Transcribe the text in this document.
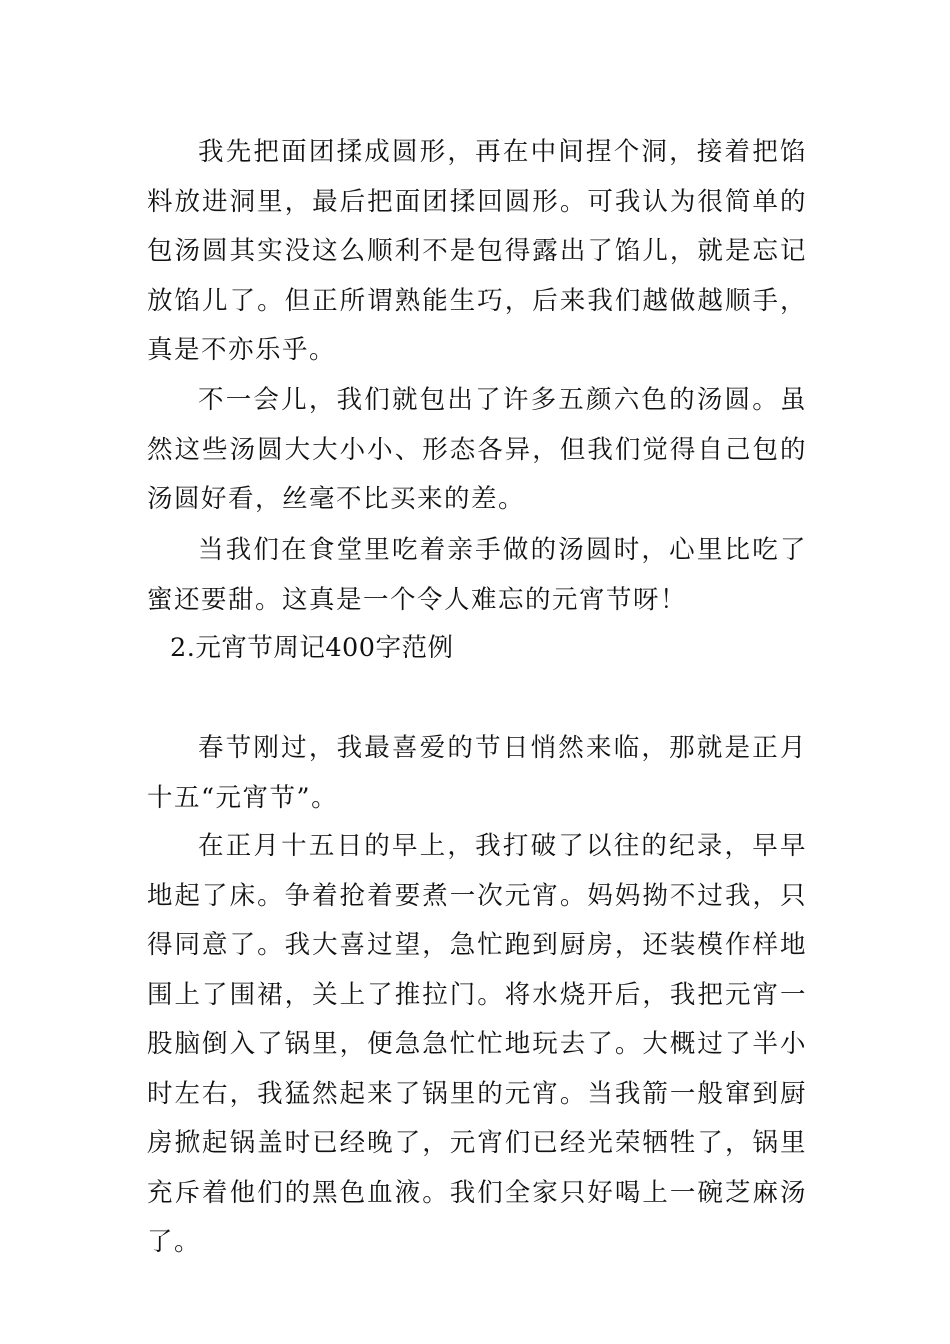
我先把面团揉成圆形，再在中间捏个洞，接着把馅料放进洞里，最后把面团揉回圆形。可我认为很简单的包汤圆其实没这么顺利不是包得露出了馅儿，就是忘记放馅儿了。但正所谓熟能生巧，后来我们越做越顺手，真是不亦乐乎。

不一会儿，我们就包出了许多五颜六色的汤圆。虽然这些汤圆大大小小、形态各异，但我们觉得自己包的汤圆好看，丝毫不比买来的差。

当我们在食堂里吃着亲手做的汤圆时，心里比吃了蜜还要甜。这真是一个令人难忘的元宵节呀！

2.元宵节周记400字范例

春节刚过，我最喜爱的节日悄然来临，那就是正月十五“元宵节”。

在正月十五日的早上，我打破了以往的纪录，早早地起了床。争着抢着要煮一次元宵。妈妈拗不过我，只得同意了。我大喜过望，急忙跑到厨房，还装模作样地围上了围裙，关上了推拉门。将水烧开后，我把元宵一股脑倒入了锅里，便急急忙忙地玩去了。大概过了半小时左右，我猛然起来了锅里的元宵。当我箭一般窜到厨房掀起锅盖时已经晚了，元宵们已经光荣牺牲了，锅里充斥着他们的黑色血液。我们全家只好喝上一碗芝麻汤了。
